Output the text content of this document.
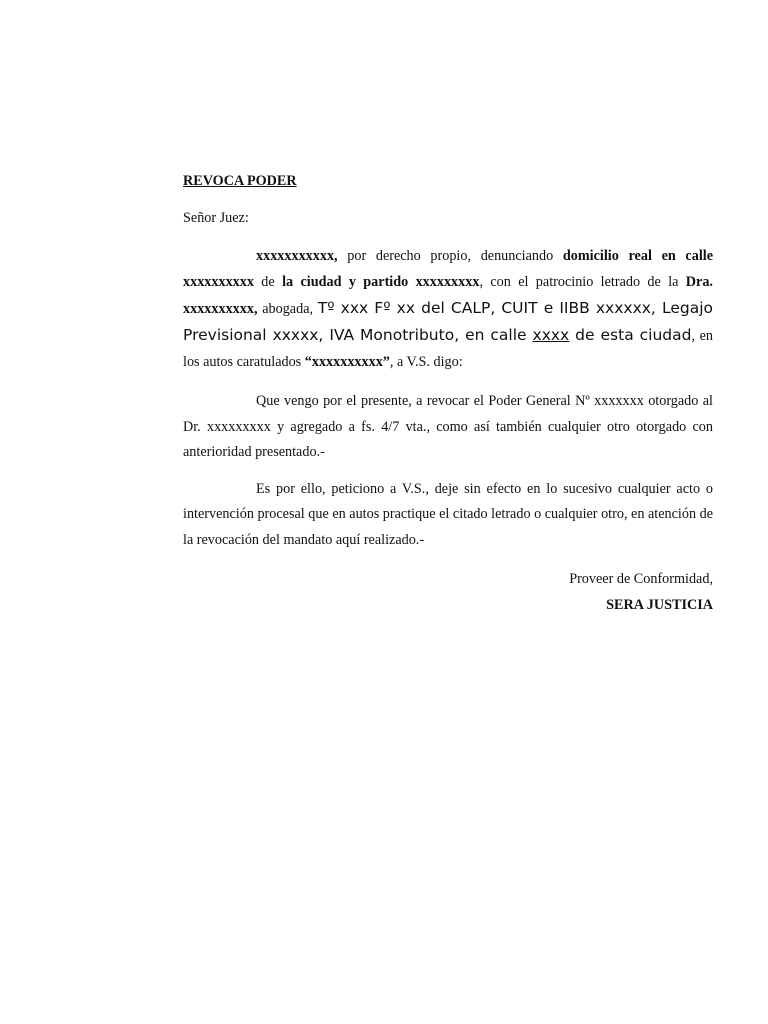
REVOCA PODER

Señor Juez:

xxxxxxxxxxx, por derecho propio, denunciando domicilio real en calle xxxxxxxxxx de la ciudad y partido xxxxxxxxx, con el patrocinio letrado de la Dra. xxxxxxxxxx, abogada, Tº xxx Fº xx del CALP, CUIT e IIBB xxxxxx, Legajo Previsional xxxxx, IVA Monotributo, en calle xxxx de esta ciudad, en los autos caratulados “xxxxxxxxxx”, a V.S. digo:

Que vengo por el presente, a revocar el Poder General Nº xxxxxxx otorgado al Dr. xxxxxxxxx y agregado a fs. 4/7 vta., como así también cualquier otro otorgado con anterioridad presentado.-

Es por ello, peticiono a V.S., deje sin efecto en lo sucesivo cualquier acto o intervención procesal que en autos practique el citado letrado o cualquier otro, en atención de la revocación del mandato aquí realizado.-

Proveer de Conformidad,
SERA JUSTICIA
